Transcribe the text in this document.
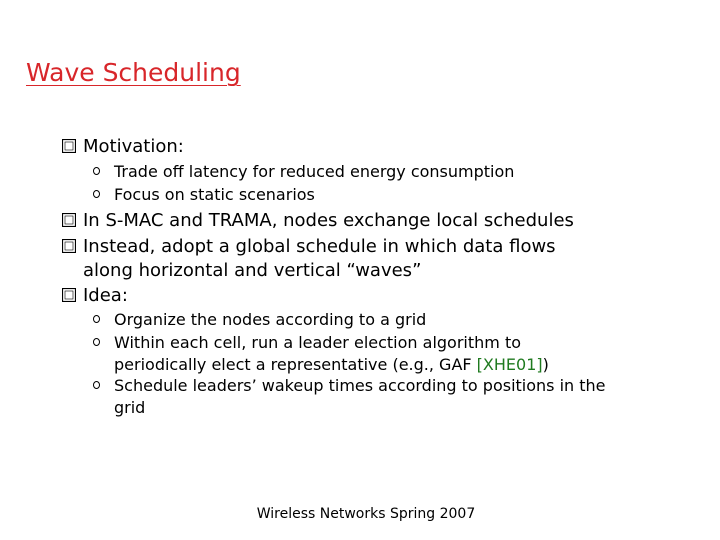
Wave Scheduling
Motivation:
Trade off latency for reduced energy consumption
Focus on static scenarios
In S-MAC and TRAMA, nodes exchange local schedules
Instead, adopt a global schedule in which data flows
along horizontal and vertical “waves”
Idea:
Organize the nodes according to a grid
Within each cell, run a leader election algorithm to
periodically elect a representative (e.g., GAF [XHE01])
Schedule leaders’ wakeup times according to positions in the
grid
Wireless Networks Spring 2007
